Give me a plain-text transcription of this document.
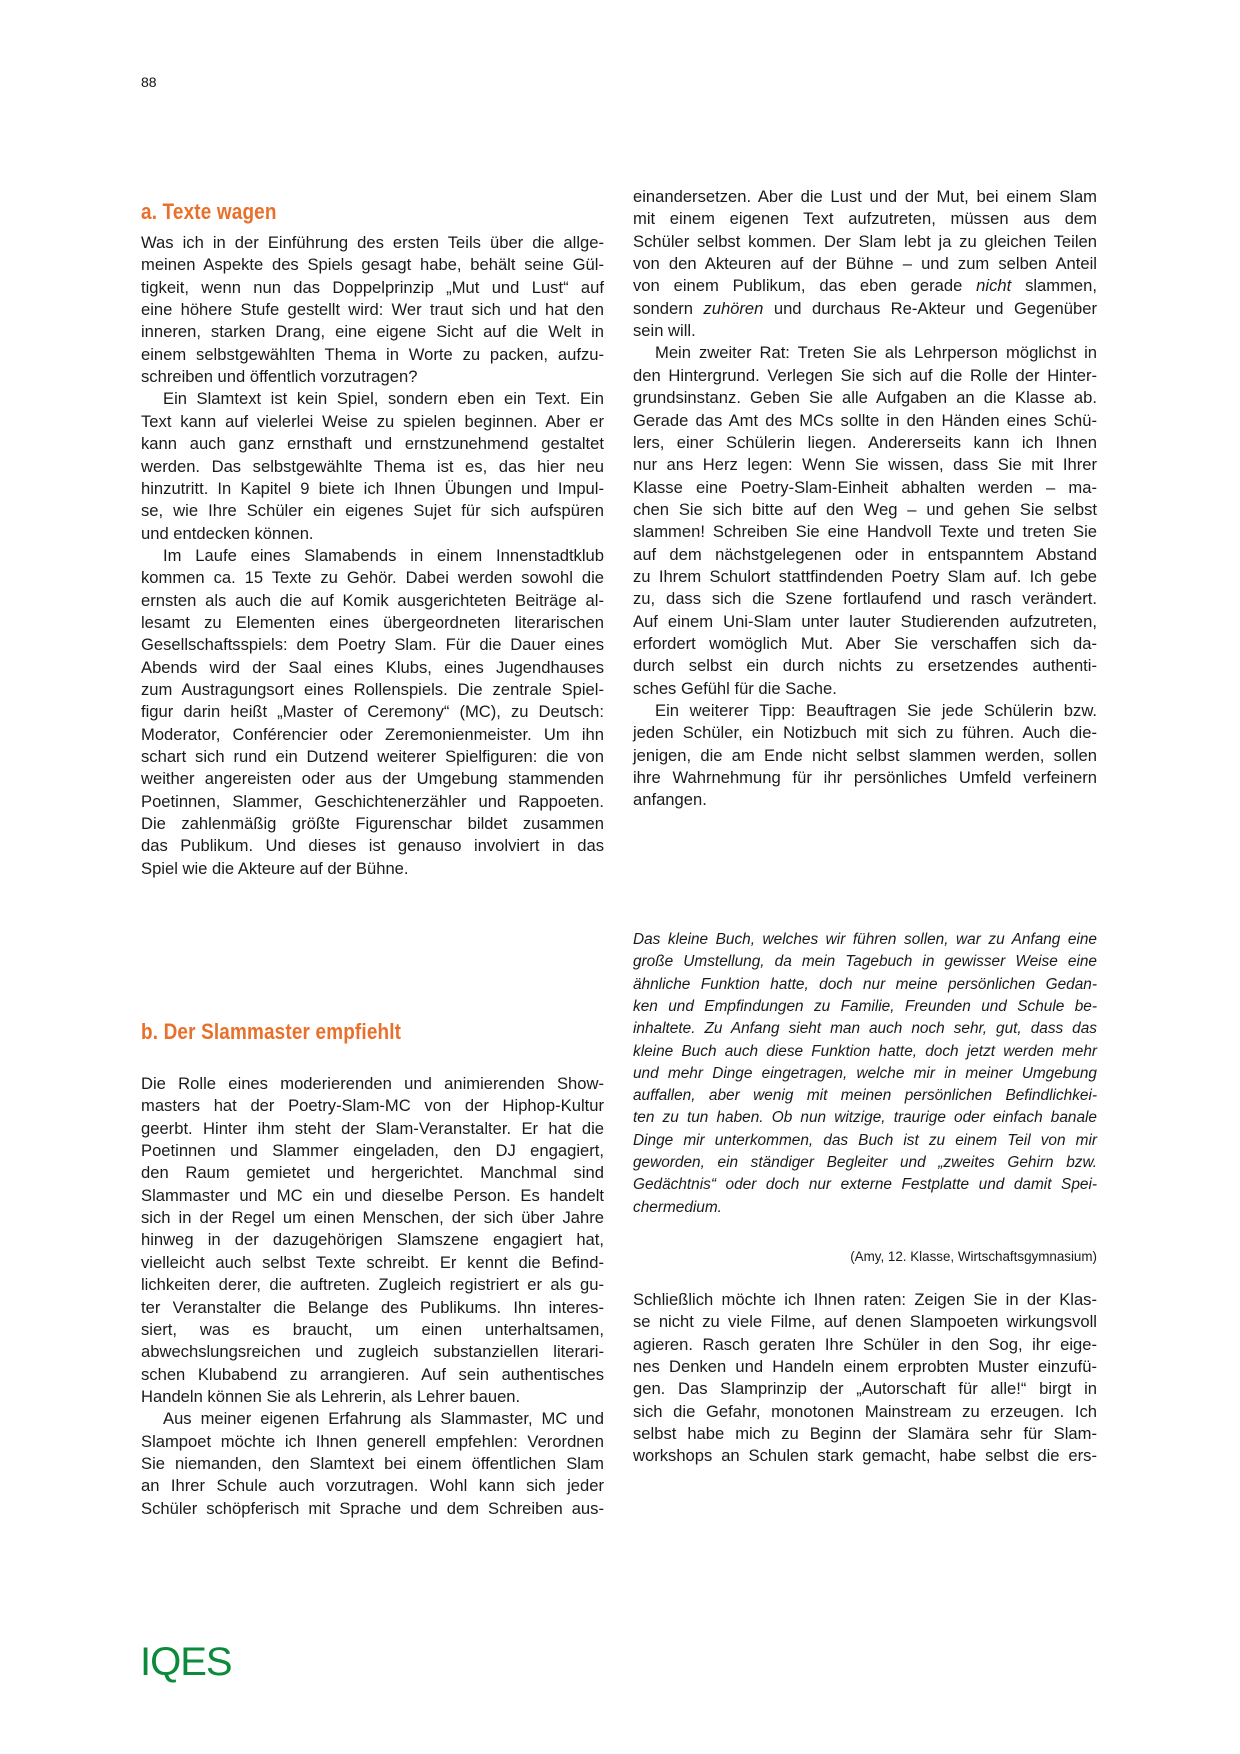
88
a. Texte wagen
Was ich in der Einführung des ersten Teils über die allge-
meinen Aspekte des Spiels gesagt habe, behält seine Gül-
tigkeit, wenn nun das Doppelprinzip „Mut und Lust“ auf
eine höhere Stufe gestellt wird: Wer traut sich und hat den
inneren, starken Drang, eine eigene Sicht auf die Welt in
einem selbstgewählten Thema in Worte zu packen, aufzu-
schreiben und öffentlich vorzutragen?
Ein Slamtext ist kein Spiel, sondern eben ein Text. Ein
Text kann auf vielerlei Weise zu spielen beginnen. Aber er
kann auch ganz ernsthaft und ernstzunehmend gestaltet
werden. Das selbstgewählte Thema ist es, das hier neu
hinzutritt. In Kapitel 9 biete ich Ihnen Übungen und Impul-
se, wie Ihre Schüler ein eigenes Sujet für sich aufspüren
und entdecken können.
Im Laufe eines Slamabends in einem Innenstadtklub
kommen ca. 15 Texte zu Gehör. Dabei werden sowohl die
ernsten als auch die auf Komik ausgerichteten Beiträge al-
lesamt zu Elementen eines übergeordneten literarischen
Gesellschaftsspiels: dem Poetry Slam. Für die Dauer eines
Abends wird der Saal eines Klubs, eines Jugendhauses
zum Austragungsort eines Rollenspiels. Die zentrale Spiel-
figur darin heißt „Master of Ceremony“ (MC), zu Deutsch:
Moderator, Conférencier oder Zeremonienmeister. Um ihn
schart sich rund ein Dutzend weiterer Spielfiguren: die von
weither angereisten oder aus der Umgebung stammenden
Poetinnen, Slammer, Geschichtenerzähler und Rappoeten.
Die zahlenmäßig größte Figurenschar bildet zusammen
das Publikum. Und dieses ist genauso involviert in das
Spiel wie die Akteure auf der Bühne.
b. Der Slammaster empfiehlt
Die Rolle eines moderierenden und animierenden Show-
masters hat der Poetry-Slam-MC von der Hiphop-Kultur
geerbt. Hinter ihm steht der Slam-Veranstalter. Er hat die
Poetinnen und Slammer eingeladen, den DJ engagiert,
den Raum gemietet und hergerichtet. Manchmal sind
Slammaster und MC ein und dieselbe Person. Es handelt
sich in der Regel um einen Menschen, der sich über Jahre
hinweg in der dazugehörigen Slamszene engagiert hat,
vielleicht auch selbst Texte schreibt. Er kennt die Befind-
lichkeiten derer, die auftreten. Zugleich registriert er als gu-
ter Veranstalter die Belange des Publikums. Ihn interes-
siert, was es braucht, um einen unterhaltsamen,
abwechslungsreichen und zugleich substanziellen literari-
schen Klubabend zu arrangieren. Auf sein authentisches
Handeln können Sie als Lehrerin, als Lehrer bauen.
Aus meiner eigenen Erfahrung als Slammaster, MC und
Slampoet möchte ich Ihnen generell empfehlen: Verordnen
Sie niemanden, den Slamtext bei einem öffentlichen Slam
an Ihrer Schule auch vorzutragen. Wohl kann sich jeder
Schüler schöpferisch mit Sprache und dem Schreiben aus-
einandersetzen. Aber die Lust und der Mut, bei einem Slam
mit einem eigenen Text aufzutreten, müssen aus dem
Schüler selbst kommen. Der Slam lebt ja zu gleichen Teilen
von den Akteuren auf der Bühne – und zum selben Anteil
von einem Publikum, das eben gerade nicht slammen,
sondern zuhören und durchaus Re-Akteur und Gegenüber
sein will.
Mein zweiter Rat: Treten Sie als Lehrperson möglichst in
den Hintergrund. Verlegen Sie sich auf die Rolle der Hinter-
grundsinstanz. Geben Sie alle Aufgaben an die Klasse ab.
Gerade das Amt des MCs sollte in den Händen eines Schü-
lers, einer Schülerin liegen. Andererseits kann ich Ihnen
nur ans Herz legen: Wenn Sie wissen, dass Sie mit Ihrer
Klasse eine Poetry-Slam-Einheit abhalten werden – ma-
chen Sie sich bitte auf den Weg – und gehen Sie selbst
slammen! Schreiben Sie eine Handvoll Texte und treten Sie
auf dem nächstgelegenen oder in entspanntem Abstand
zu Ihrem Schulort stattfindenden Poetry Slam auf. Ich gebe
zu, dass sich die Szene fortlaufend und rasch verändert.
Auf einem Uni-Slam unter lauter Studierenden aufzutreten,
erfordert womöglich Mut. Aber Sie verschaffen sich da-
durch selbst ein durch nichts zu ersetzendes authenti-
sches Gefühl für die Sache.
Ein weiterer Tipp: Beauftragen Sie jede Schülerin bzw.
jeden Schüler, ein Notizbuch mit sich zu führen. Auch die-
jenigen, die am Ende nicht selbst slammen werden, sollen
ihre Wahrnehmung für ihr persönliches Umfeld verfeinern
anfangen.
Das kleine Buch, welches wir führen sollen, war zu Anfang eine
große Umstellung, da mein Tagebuch in gewisser Weise eine
ähnliche Funktion hatte, doch nur meine persönlichen Gedan-
ken und Empfindungen zu Familie, Freunden und Schule be-
inhaltete. Zu Anfang sieht man auch noch sehr, gut, dass das
kleine Buch auch diese Funktion hatte, doch jetzt werden mehr
und mehr Dinge eingetragen, welche mir in meiner Umgebung
auffallen, aber wenig mit meinen persönlichen Befindlichkei-
ten zu tun haben. Ob nun witzige, traurige oder einfach banale
Dinge mir unterkommen, das Buch ist zu einem Teil von mir
geworden, ein ständiger Begleiter und „zweites Gehirn bzw.
Gedächtnis“ oder doch nur externe Festplatte und damit Spei-
chermedium.
(Amy, 12. Klasse, Wirtschaftsgymnasium)
Schließlich möchte ich Ihnen raten: Zeigen Sie in der Klas-
se nicht zu viele Filme, auf denen Slampoeten wirkungsvoll
agieren. Rasch geraten Ihre Schüler in den Sog, ihr eige-
nes Denken und Handeln einem erprobten Muster einzufü-
gen. Das Slamprinzip der „Autorschaft für alle!“ birgt in
sich die Gefahr, monotonen Mainstream zu erzeugen. Ich
selbst habe mich zu Beginn der Slamära sehr für Slam-
workshops an Schulen stark gemacht, habe selbst die ers-
IQES
